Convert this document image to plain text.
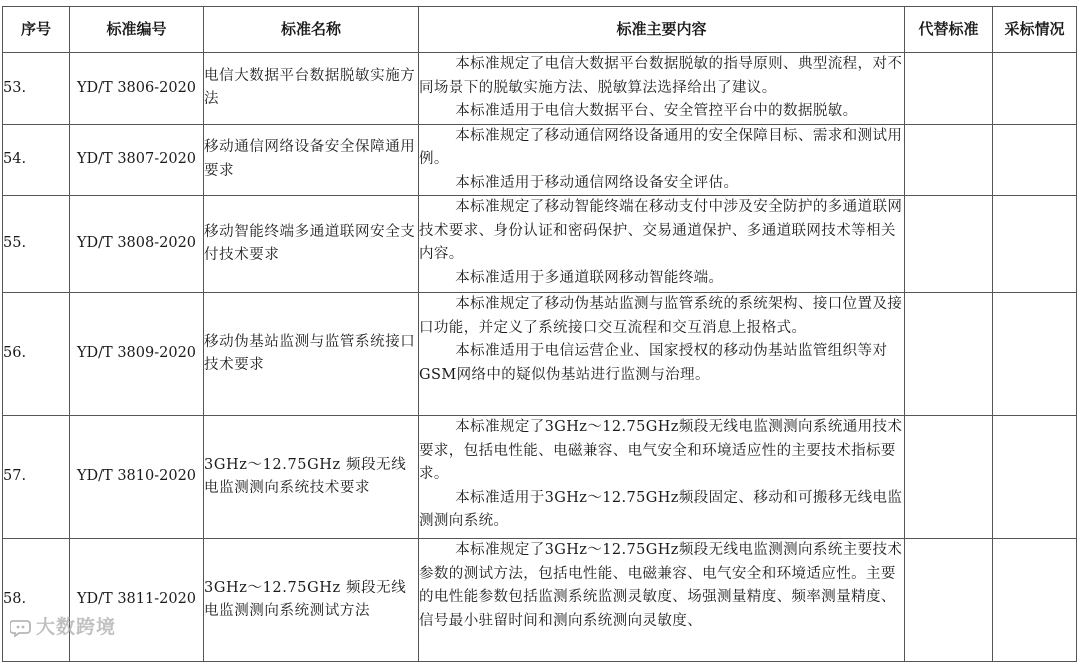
序号	标准编号	标准名称	标准主要内容	代替标准	采标情况
53.	YD/T 3806-2020	电信大数据平台数据脱敏实施方法	本标准规定了电信大数据平台数据脱敏的指导原则、典型流程，对不同场景下的脱敏实施方法、脱敏算法选择给出了建议。

本标准适用于电信大数据平台、安全管控平台中的数据脱敏。		

54.	YD/T 3807-2020	移动通信网络设备安全保障通用要求	本标准规定了移动通信网络设备通用的安全保障目标、需求和测试用例。

本标准适用于移动通信网络设备安全评估。		

55.	YD/T 3808-2020	移动智能终端多通道联网安全支付技术要求	本标准规定了移动智能终端在移动支付中涉及安全防护的多通道联网技术要求、身份认证和密码保护、交易通道保护、多通道联网技术等相关内容。

本标准适用于多通道联网移动智能终端。		

56.	YD/T 3809-2020	移动伪基站监测与监管系统接口技术要求	本标准规定了移动伪基站监测与监管系统的系统架构、接口位置及接口功能，并定义了系统接口交互流程和交互消息上报格式。

本标准适用于电信运营企业、国家授权的移动伪基站监管组织等对GSM网络中的疑似伪基站进行监测与治理。		

57.	YD/T 3810-2020	3GHz～12.75GHz 频段无线电监测测向系统技术要求	本标准规定了3GHz～12.75GHz频段无线电监测测向系统通用技术要求，包括电性能、电磁兼容、电气安全和环境适应性的主要技术指标要求。

本标准适用于3GHz～12.75GHz频段固定、移动和可搬移无线电监测测向系统。		

58.	YD/T 3811-2020	3GHz～12.75GHz 频段无线电监测测向系统测试方法	本标准规定了3GHz～12.75GHz频段无线电监测测向系统主要技术参数的测试方法，包括电性能、电磁兼容、电气安全和环境适应性。主要的电性能参数包括监测系统监测灵敏度、场强测量精度、频率测量精度、信号最小驻留时间和测向系统测向灵敏度、		

大数跨境
